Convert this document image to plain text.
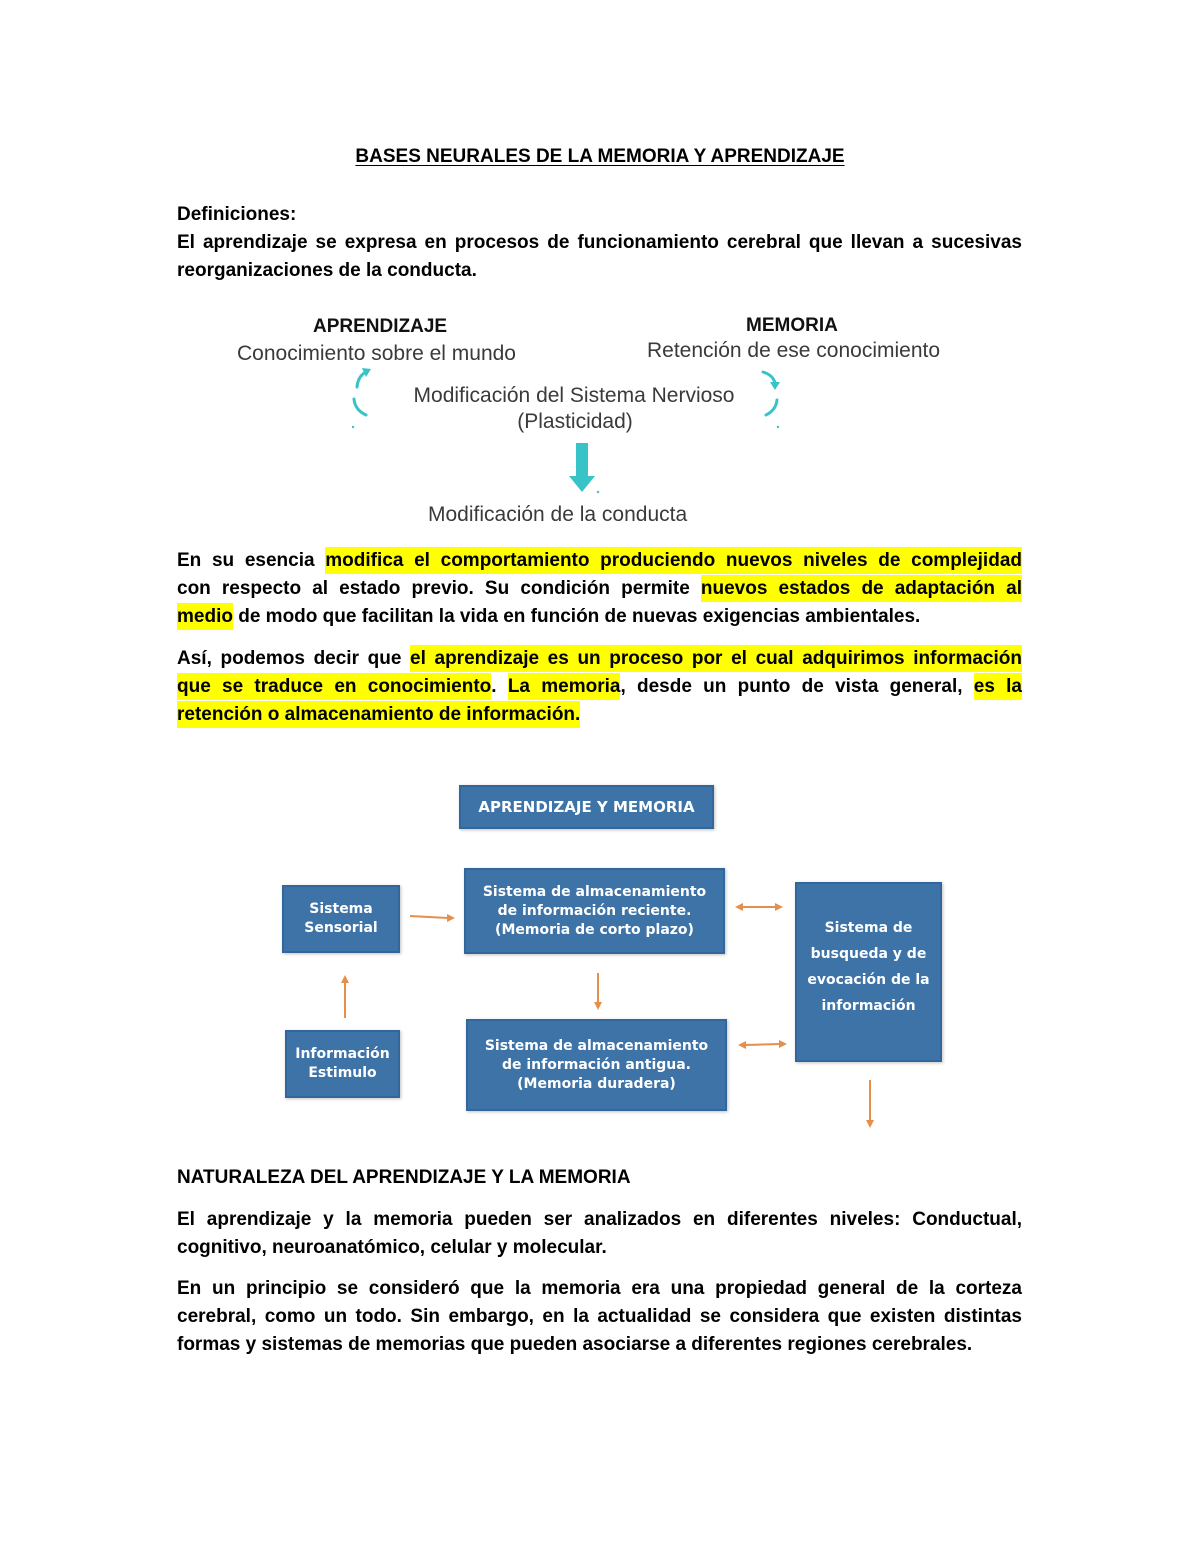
BASES NEURALES DE LA MEMORIA Y APRENDIZAJE
Definiciones:
El aprendizaje se expresa en procesos de funcionamiento cerebral que llevan a sucesivas
reorganizaciones de la conducta.
APRENDIZAJE
Conocimiento sobre el mundo
MEMORIA
Retención de ese conocimiento
Modificación del Sistema Nervioso
(Plasticidad)
Modificación de la conducta
En su esencia modifica el comportamiento produciendo nuevos niveles de complejidad
con respecto al estado previo. Su condición permite nuevos estados de adaptación al
medio de modo que facilitan la vida en función de nuevas exigencias ambientales.
Así, podemos decir que el aprendizaje es un proceso por el cual adquirimos información
que se traduce en conocimiento. La memoria, desde un punto de vista general, es la
retención o almacenamiento de información.
APRENDIZAJE Y MEMORIA
Sistema
Sensorial
Sistema de almacenamiento
de información reciente.
(Memoria de corto plazo)	Sistema de
busqueda y de
evocación de la
información
Información
Estimulo
Sistema de almacenamiento
de información antigua.
(Memoria duradera)
NATURALEZA DEL APRENDIZAJE Y LA MEMORIA
El aprendizaje y la memoria pueden ser analizados en diferentes niveles: Conductual,
cognitivo, neuroanatómico, celular y molecular.
En un principio se consideró que la memoria era una propiedad general de la corteza
cerebral, como un todo. Sin embargo, en la actualidad se considera que existen distintas
formas y sistemas de memorias que pueden asociarse a diferentes regiones cerebrales.
